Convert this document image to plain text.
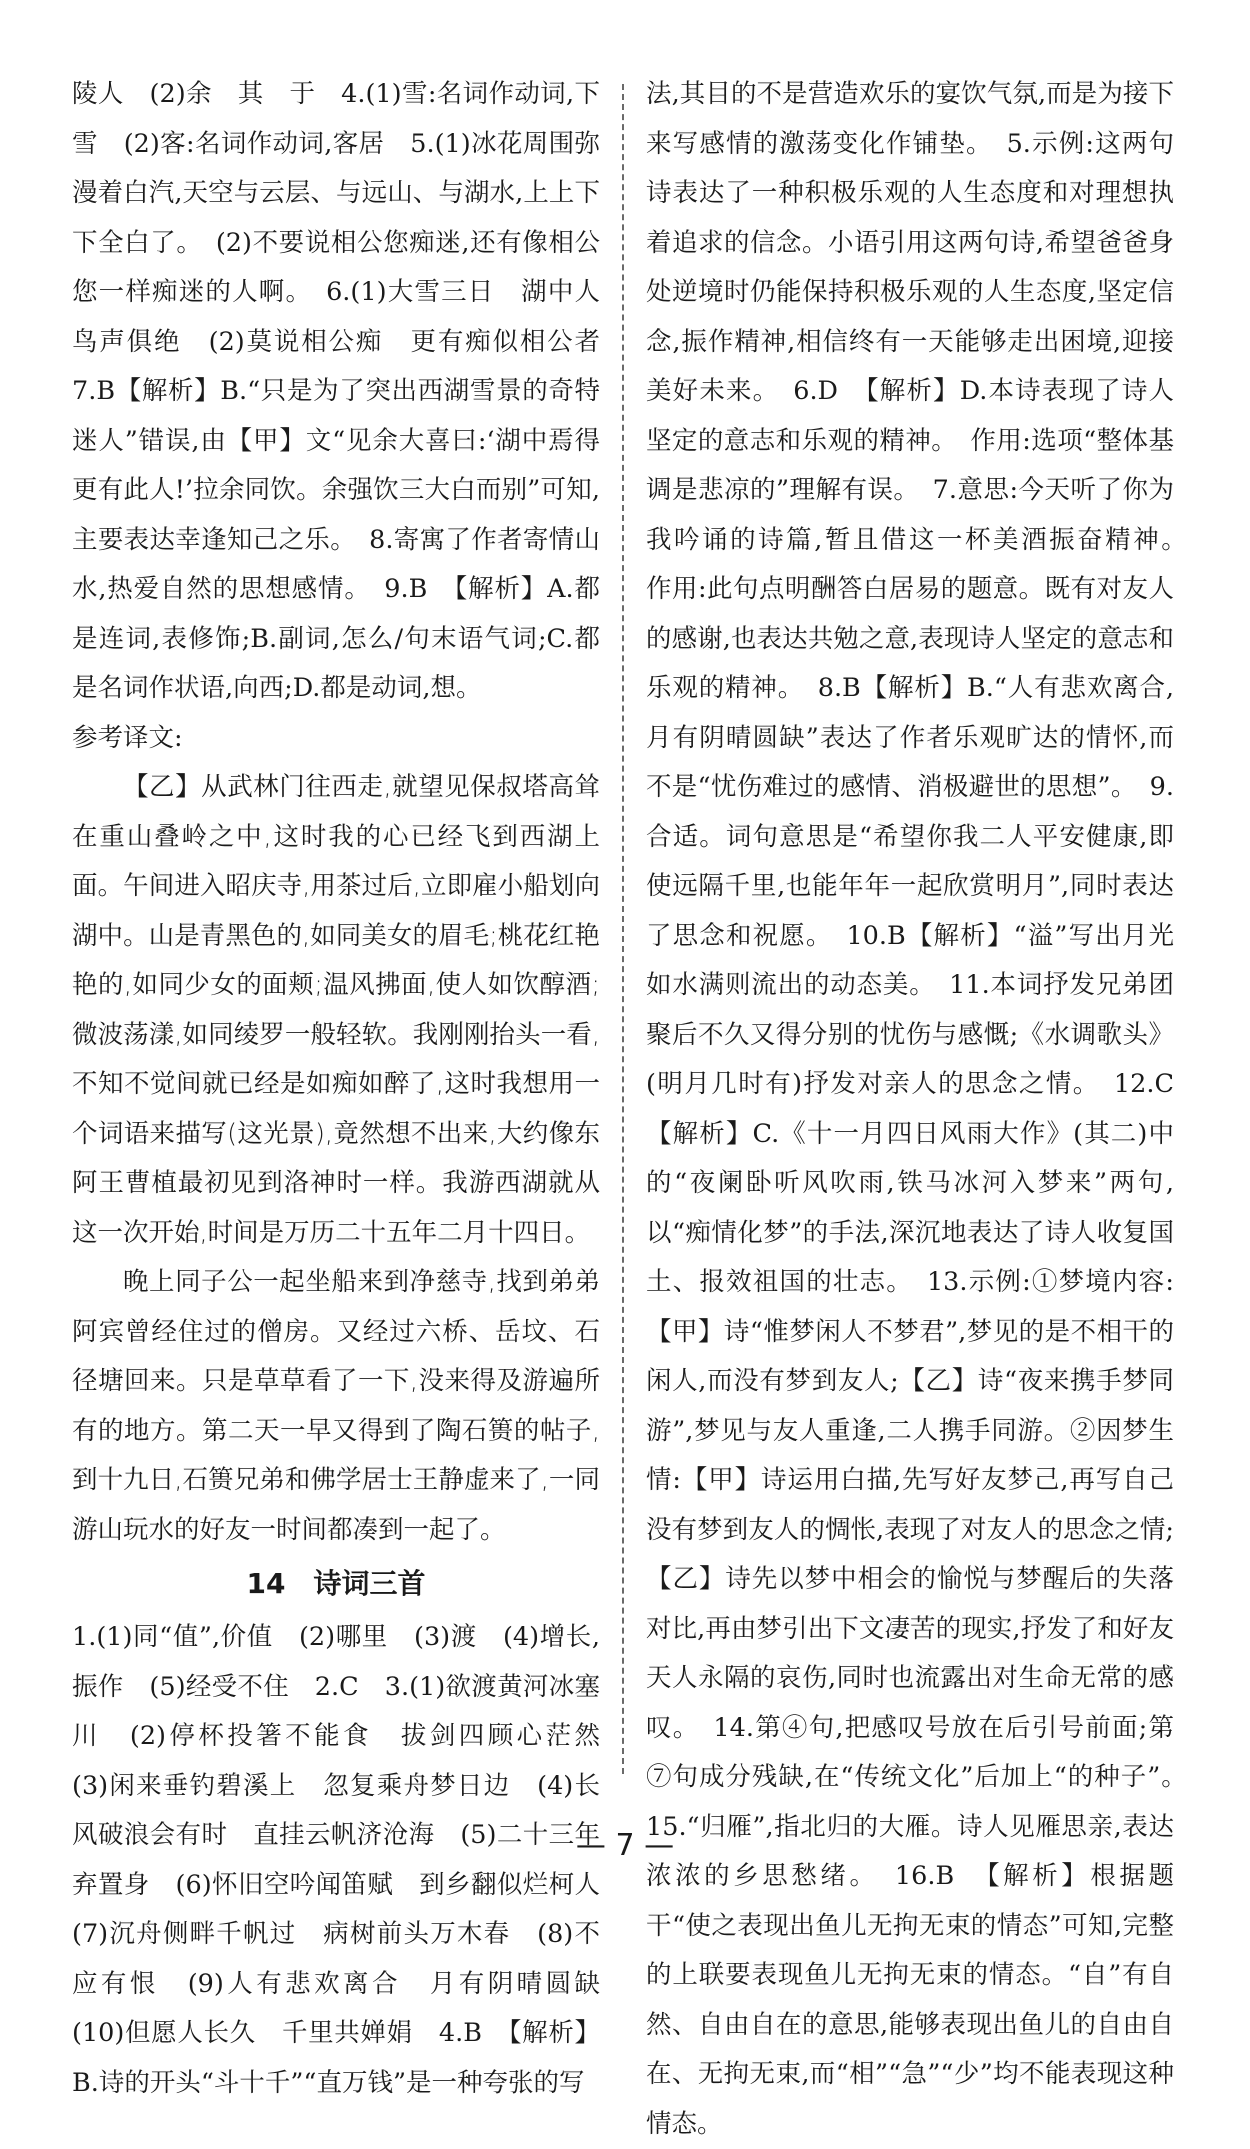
陵人　(2)余　其　于　4.(1)雪:名词作动词,下雪　(2)客:名词作动词,客居　5.(1)冰花周围弥漫着白汽,天空与云层、与远山、与湖水,上上下下全白了。　(2)不要说相公您痴迷,还有像相公您一样痴迷的人啊。　6.(1)大雪三日　湖中人鸟声俱绝　(2)莫说相公痴　更有痴似相公者　7.B【解析】B.“只是为了突出西湖雪景的奇特迷人”错误,由【甲】文“见余大喜曰:‘湖中焉得更有此人!’拉余同饮。余强饮三大白而别”可知,主要表达幸逢知己之乐。　8.寄寓了作者寄情山水,热爱自然的思想感情。　9.B　【解析】A.都是连词,表修饰;B.副词,怎么/句末语气词;C.都是名词作状语,向西;D.都是动词,想。

参考译文:

【乙】从武林门往西走,就望见保叔塔高耸在重山叠岭之中,这时我的心已经飞到西湖上面。午间进入昭庆寺,用茶过后,立即雇小船划向湖中。山是青黑色的,如同美女的眉毛;桃花红艳艳的,如同少女的面颊;温风拂面,使人如饮醇酒;微波荡漾,如同绫罗一般轻软。我刚刚抬头一看,不知不觉间就已经是如痴如醉了,这时我想用一个词语来描写(这光景),竟然想不出来,大约像东阿王曹植最初见到洛神时一样。我游西湖就从这一次开始,时间是万历二十五年二月十四日。

晚上同子公一起坐船来到净慈寺,找到弟弟阿宾曾经住过的僧房。又经过六桥、岳坟、石径塘回来。只是草草看了一下,没来得及游遍所有的地方。第二天一早又得到了陶石篑的帖子,到十九日,石篑兄弟和佛学居士王静虚来了,一同游山玩水的好友一时间都凑到一起了。

14　诗词三首

1.(1)同“值”,价值　(2)哪里　(3)渡　(4)增长,振作　(5)经受不住　2.C　3.(1)欲渡黄河冰塞川　(2)停杯投箸不能食　拔剑四顾心茫然　(3)闲来垂钓碧溪上　忽复乘舟梦日边　(4)长风破浪会有时　直挂云帆济沧海　(5)二十三年弃置身　(6)怀旧空吟闻笛赋　到乡翻似烂柯人　(7)沉舟侧畔千帆过　病树前头万木春　(8)不应有恨　(9)人有悲欢离合　月有阴晴圆缺　(10)但愿人长久　千里共婵娟　4.B　【解析】B.诗的开头“斗十千”“直万钱”是一种夸张的写

法,其目的不是营造欢乐的宴饮气氛,而是为接下来写感情的激荡变化作铺垫。　5.示例:这两句诗表达了一种积极乐观的人生态度和对理想执着追求的信念。小语引用这两句诗,希望爸爸身处逆境时仍能保持积极乐观的人生态度,坚定信念,振作精神,相信终有一天能够走出困境,迎接美好未来。　6.D　【解析】D.本诗表现了诗人坚定的意志和乐观的精神。　作用:选项“整体基调是悲凉的”理解有误。　7.意思:今天听了你为我吟诵的诗篇,暂且借这一杯美酒振奋精神。　作用:此句点明酬答白居易的题意。既有对友人的感谢,也表达共勉之意,表现诗人坚定的意志和乐观的精神。　8.B【解析】B.“人有悲欢离合,月有阴晴圆缺”表达了作者乐观旷达的情怀,而不是“忧伤难过的感情、消极避世的思想”。　9.合适。词句意思是“希望你我二人平安健康,即使远隔千里,也能年年一起欣赏明月”,同时表达了思念和祝愿。　10.B【解析】“溢”写出月光如水满则流出的动态美。　11.本词抒发兄弟团聚后不久又得分别的忧伤与感慨;《水调歌头》(明月几时有)抒发对亲人的思念之情。　12.C　【解析】C.《十一月四日风雨大作》(其二)中的“夜阑卧听风吹雨,铁马冰河入梦来”两句,以“痴情化梦”的手法,深沉地表达了诗人收复国土、报效祖国的壮志。　13.示例:①梦境内容:【甲】诗“惟梦闲人不梦君”,梦见的是不相干的闲人,而没有梦到友人;【乙】诗“夜来携手梦同游”,梦见与友人重逢,二人携手同游。②因梦生情:【甲】诗运用白描,先写好友梦己,再写自己没有梦到友人的惆怅,表现了对友人的思念之情;【乙】诗先以梦中相会的愉悦与梦醒后的失落对比,再由梦引出下文凄苦的现实,抒发了和好友天人永隔的哀伤,同时也流露出对生命无常的感叹。　14.第④句,把感叹号放在后引号前面;第⑦句成分残缺,在“传统文化”后加上“的种子”。　15.“归雁”,指北归的大雁。诗人见雁思亲,表达浓浓的乡思愁绪。　16.B　【解析】根据题干“使之表现出鱼儿无拘无束的情态”可知,完整的上联要表现鱼儿无拘无束的情态。“自”有自然、自由自在的意思,能够表现出鱼儿的自由自在、无拘无束,而“相”“急”“少”均不能表现这种情态。

— 7 —
